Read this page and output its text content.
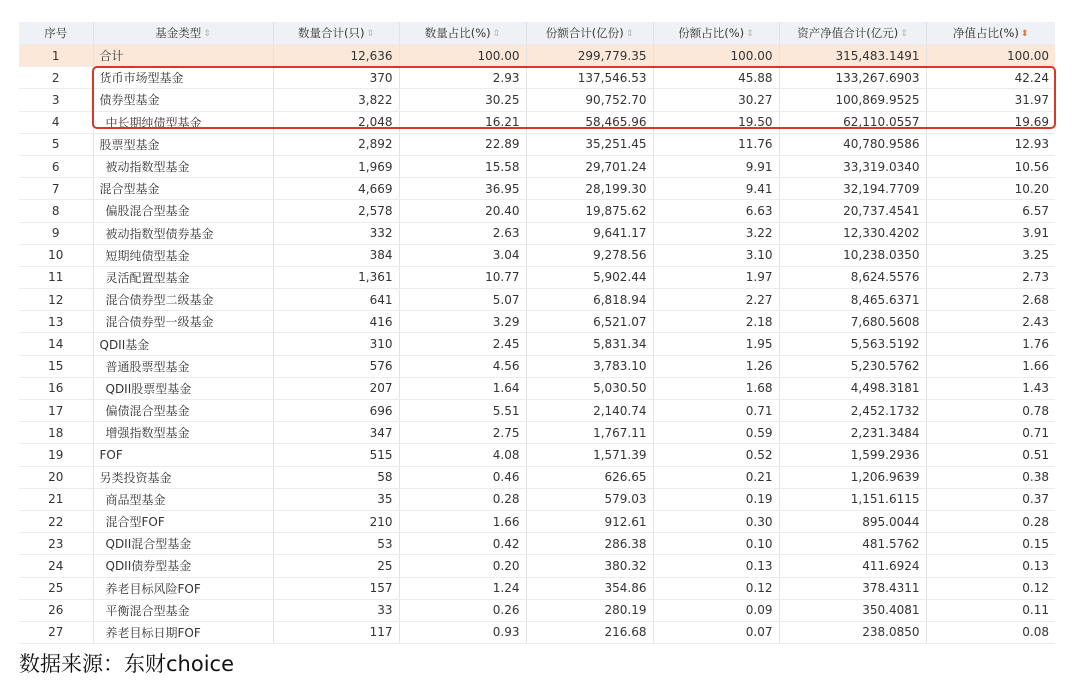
序号	基金类型 ⇕	数量合计(只) ⇕	数量占比(%) ⇕	份额合计(亿份) ⇕	份额占比(%) ⇕	资产净值合计(亿元) ⇕	净值占比(%) ⬍
1	合计	12,636	100.00	299,779.35	100.00	315,483.1491	100.00
2	货币市场型基金	370	2.93	137,546.53	45.88	133,267.6903	42.24
3	债券型基金	3,822	30.25	90,752.70	30.27	100,869.9525	31.97
4	中长期纯债型基金	2,048	16.21	58,465.96	19.50	62,110.0557	19.69
5	股票型基金	2,892	22.89	35,251.45	11.76	40,780.9586	12.93
6	被动指数型基金	1,969	15.58	29,701.24	9.91	33,319.0340	10.56
7	混合型基金	4,669	36.95	28,199.30	9.41	32,194.7709	10.20
8	偏股混合型基金	2,578	20.40	19,875.62	6.63	20,737.4541	6.57
9	被动指数型债券基金	332	2.63	9,641.17	3.22	12,330.4202	3.91
10	短期纯债型基金	384	3.04	9,278.56	3.10	10,238.0350	3.25
11	灵活配置型基金	1,361	10.77	5,902.44	1.97	8,624.5576	2.73
12	混合债券型二级基金	641	5.07	6,818.94	2.27	8,465.6371	2.68
13	混合债券型一级基金	416	3.29	6,521.07	2.18	7,680.5608	2.43
14	QDII基金	310	2.45	5,831.34	1.95	5,563.5192	1.76
15	普通股票型基金	576	4.56	3,783.10	1.26	5,230.5762	1.66
16	QDII股票型基金	207	1.64	5,030.50	1.68	4,498.3181	1.43
17	偏债混合型基金	696	5.51	2,140.74	0.71	2,452.1732	0.78
18	增强指数型基金	347	2.75	1,767.11	0.59	2,231.3484	0.71
19	FOF	515	4.08	1,571.39	0.52	1,599.2936	0.51
20	另类投资基金	58	0.46	626.65	0.21	1,206.9639	0.38
21	商品型基金	35	0.28	579.03	0.19	1,151.6115	0.37
22	混合型FOF	210	1.66	912.61	0.30	895.0044	0.28
23	QDII混合型基金	53	0.42	286.38	0.10	481.5762	0.15
24	QDII债券型基金	25	0.20	380.32	0.13	411.6924	0.13
25	养老目标风险FOF	157	1.24	354.86	0.12	378.4311	0.12
26	平衡混合型基金	33	0.26	280.19	0.09	350.4081	0.11
27	养老目标日期FOF	117	0.93	216.68	0.07	238.0850	0.08
数据来源：东财choice
